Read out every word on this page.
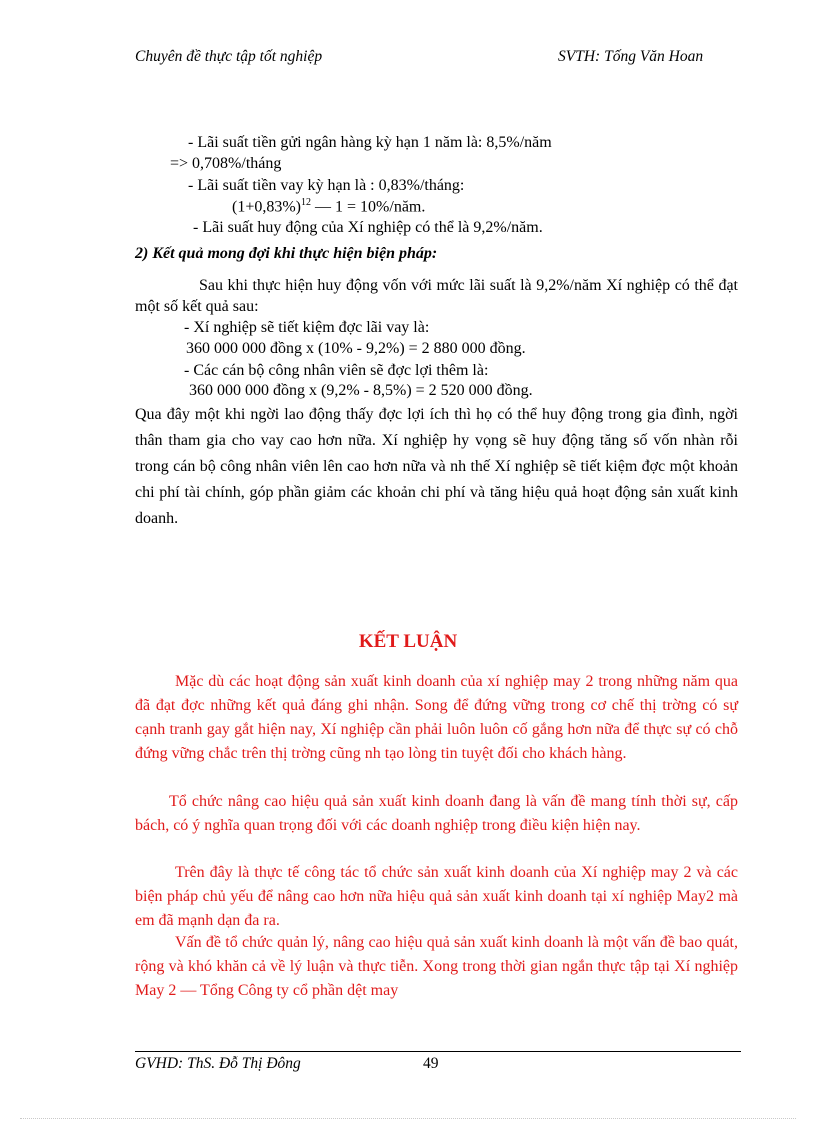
Chuyên đề thực tập tốt nghiệp	SVTH: Tống Văn Hoan
- Lãi suất tiền gửi ngân hàng kỳ hạn 1 năm là: 8,5%/năm
=> 0,708%/tháng
- Lãi suất tiền vay kỳ hạn là : 0,83%/tháng:
$(1+0,83\%)^{12}$ — 1 = 10%/năm.
- Lãi suất huy động của Xí nghiệp có thể là 9,2%/năm.
2) Kết quả mong đợi khi thực hiện biện pháp:
Sau khi thực hiện huy động vốn với mức lãi suất là 9,2%/năm Xí nghiệp có thể đạt một số kết quả sau:
- Xí nghiệp sẽ tiết kiệm đợc lãi vay là:
360 000 000 đồng x (10% - 9,2%) = 2 880 000 đồng.
- Các cán bộ công nhân viên sẽ đợc lợi thêm là:
360 000 000 đồng x (9,2% - 8,5%) = 2 520 000 đồng.
Qua đây một khi ngời lao động thấy đợc lợi ích thì họ có thể huy động trong gia đình, ngời thân tham gia cho vay cao hơn nữa. Xí nghiệp hy vọng sẽ huy động tăng số vốn nhàn rỗi trong cán bộ công nhân viên lên cao hơn nữa và nh thế Xí nghiệp sẽ tiết kiệm đợc một khoản chi phí tài chính, góp phần giảm các khoản chi phí và tăng hiệu quả hoạt động sản xuất kinh doanh.
KẾT LUẬN
Mặc dù các hoạt động sản xuất kinh doanh của xí nghiệp may 2 trong những năm qua đã đạt đợc những kết quả đáng ghi nhận. Song để đứng vững trong cơ chế thị trờng có sự cạnh tranh gay gắt hiện nay, Xí nghiệp cần phải luôn luôn cố gắng hơn nữa để thực sự có chỗ đứng vững chắc trên thị trờng cũng nh tạo lòng tin tuyệt đối cho khách hàng.
Tổ chức nâng cao hiệu quả sản xuất kinh doanh đang là vấn đề mang tính thời sự, cấp bách, có ý nghĩa quan trọng đối với các doanh nghiệp trong điều kiện hiện nay.
Trên đây là thực tế công tác tổ chức sản xuất kinh doanh của Xí nghiệp may 2 và các biện pháp chủ yếu để nâng cao hơn nữa hiệu quả sản xuất kinh doanh tại xí nghiệp May2 mà em đã mạnh dạn đa ra.
Vấn đề tổ chức quản lý, nâng cao hiệu quả sản xuất kinh doanh là một vấn đề bao quát, rộng và khó khăn cả về lý luận và thực tiễn. Xong trong thời gian ngắn thực tập tại Xí nghiệp May 2 — Tổng Công ty cổ phần dệt may
GVHD: ThS. Đỗ Thị Đông	49
